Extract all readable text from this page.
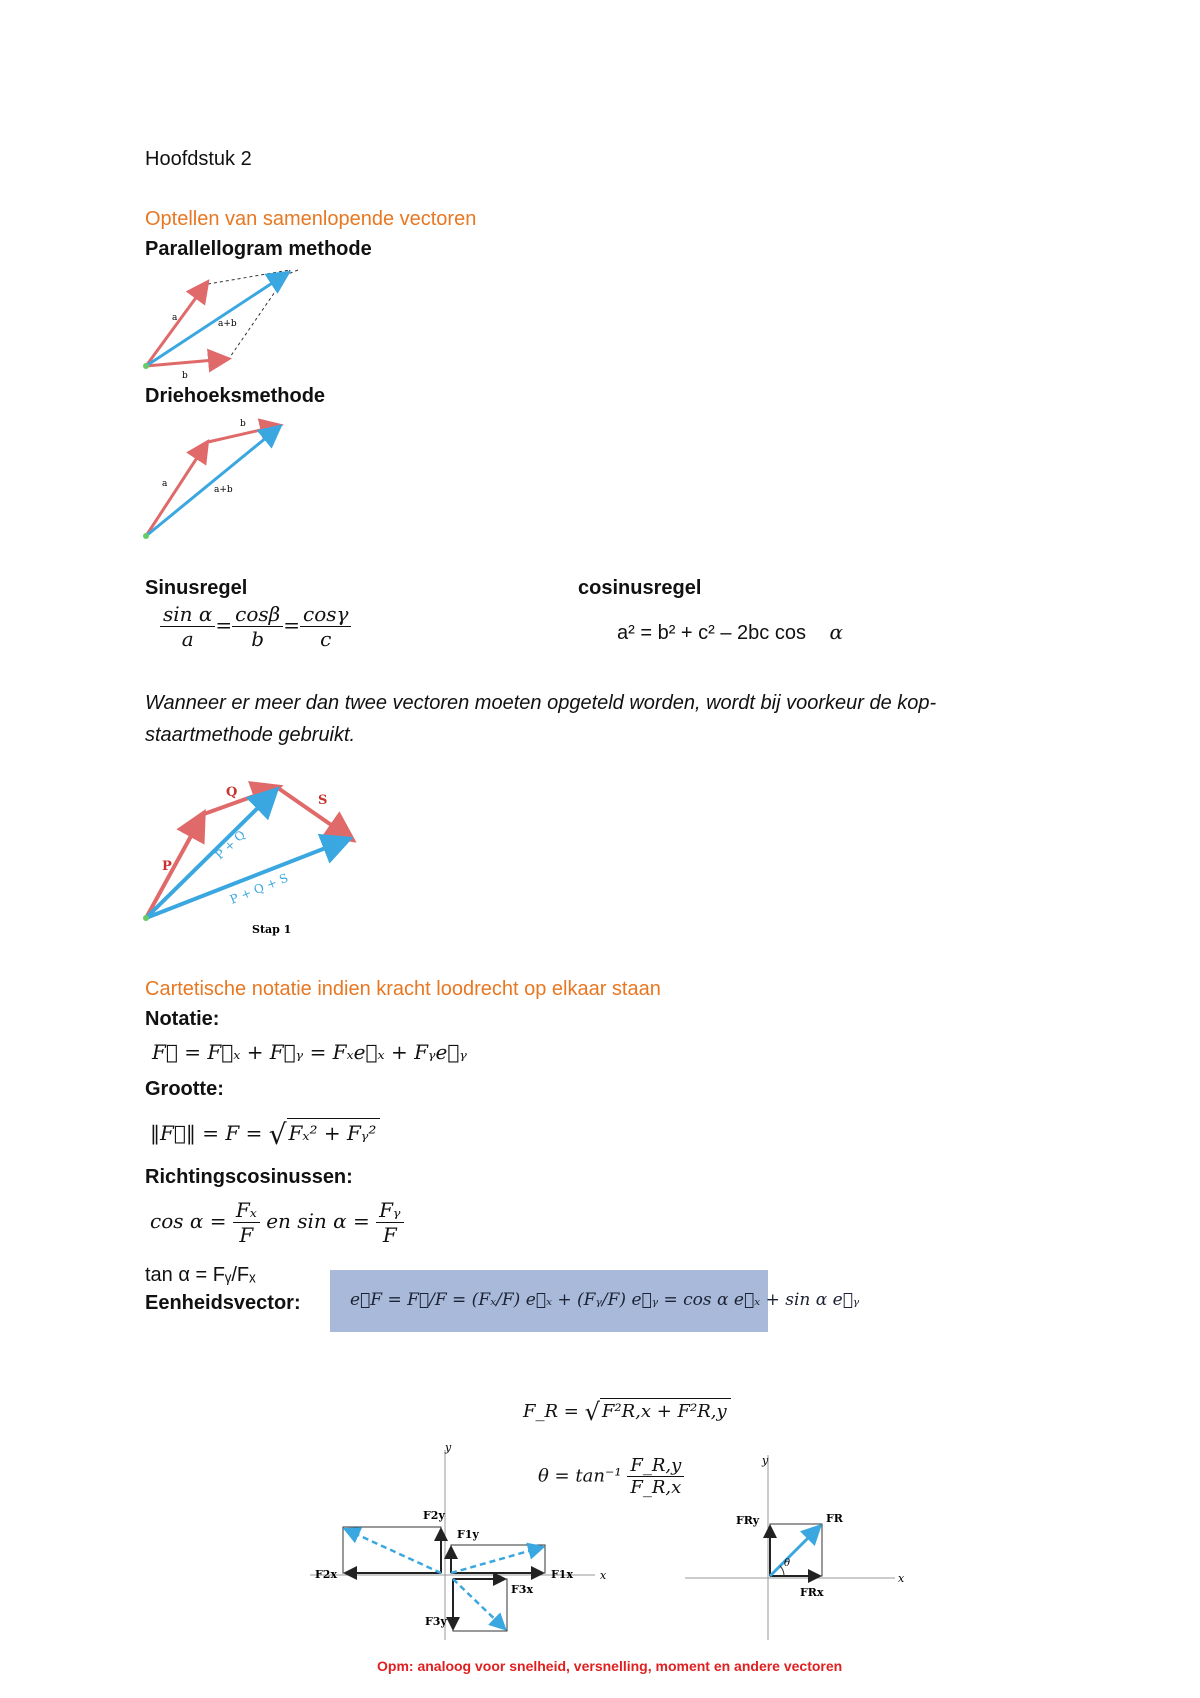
Hoofdstuk 2
Optellen van samenlopende vectoren
Parallellogram methode
a
b
a+b
Driehoeksmethode
a
b
a+b
Sinusregel
$\frac{\text{sin α}}{a} = \frac{\cos\beta}{b} = \frac{\cos\gamma}{c}$
cosinusregel
a² = b² + c² – 2bc cos α
Wanneer er meer dan twee vectoren moeten opgeteld worden, wordt bij voorkeur de kop-
staartmethode gebruikt.
P
Q
S
P + Q
P + Q + S
Stap 1
Cartetische notatie indien kracht loodrecht op elkaar staan
Notatie:
F⃗ = F⃗ₓ + F⃗ᵧ = Fₓe⃗ₓ + Fᵧe⃗ᵧ
Grootte:
‖F⃗‖ = F = √ Fₓ² + Fᵧ²
Richtingscosinussen:
$\cos \alpha = \frac{\text{Fₓ}}{F}$ en $\sin \alpha = \frac{\text{Fᵧ}}{F}$
tan α = Fᵧ/Fₓ
Eenheidsvector:	e⃗F = F⃗/F = (Fₓ/F) e⃗ₓ + (Fᵧ/F) e⃗ᵧ = cos α e⃗ₓ + sin α e⃗ᵧ
F_R = √ F²R,x + F²R,y
$\theta = \tan^{-1} \frac{F\_R,y}{F\_R,x}$
x
y
F1x
F1y
F2x
F2y
F3x
F3y
x
y
θ
FR
FRx
FRy
Opm: analoog voor snelheid, versnelling, moment en andere vectoren
